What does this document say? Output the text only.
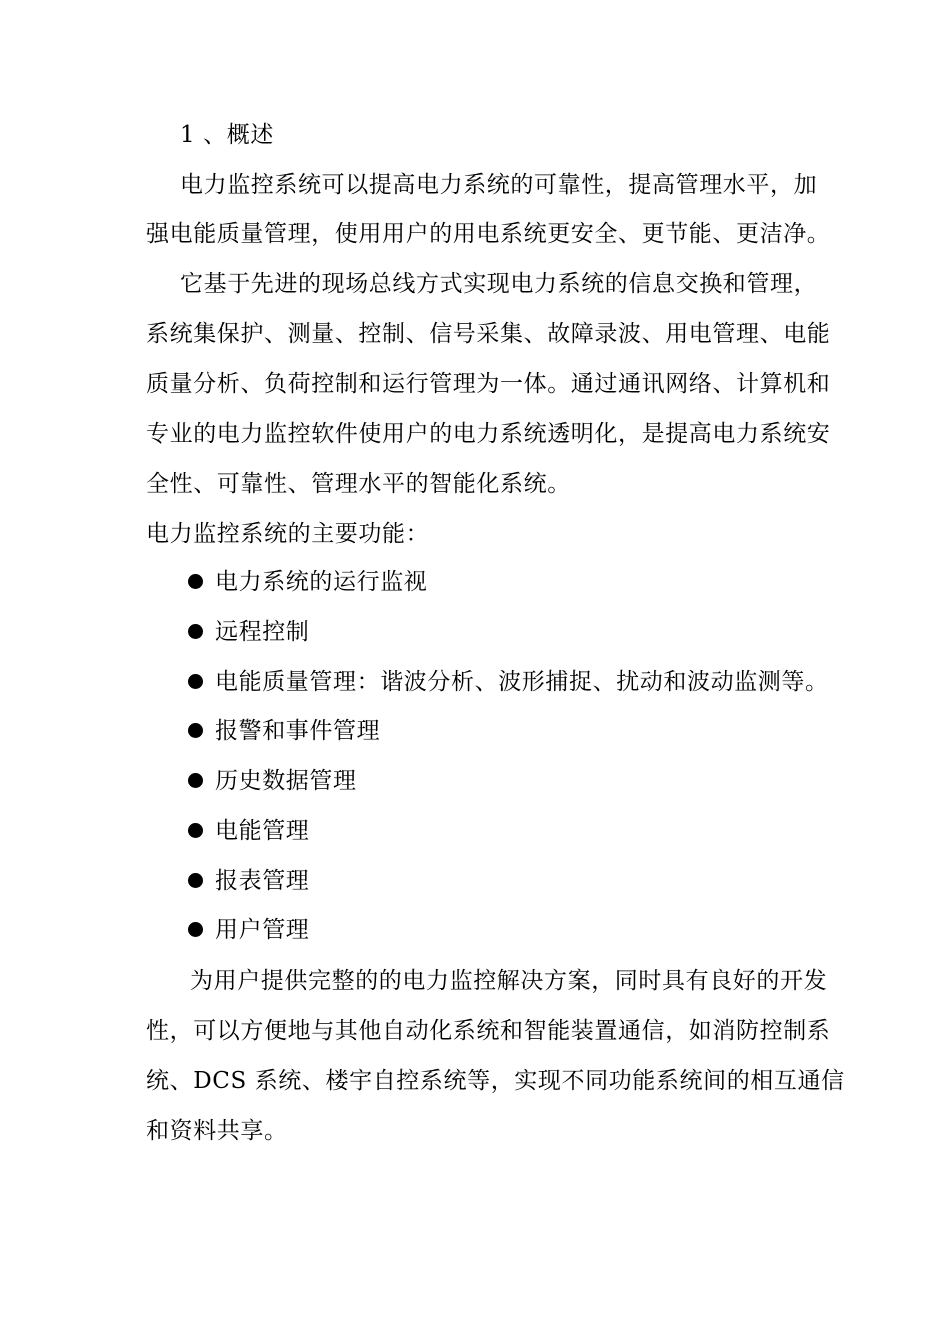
1 、概述
电力监控系统可以提高电力系统的可靠性，提高管理水平，加
强电能质量管理，使用用户的用电系统更安全、更节能、更洁净。
它基于先进的现场总线方式实现电力系统的信息交换和管理，
系统集保护、测量、控制、信号采集、故障录波、用电管理、电能
质量分析、负荷控制和运行管理为一体。通过通讯网络、计算机和
专业的电力监控软件使用户的电力系统透明化，是提高电力系统安
全性、可靠性、管理水平的智能化系统。
电力监控系统的主要功能：
电力系统的运行监视
远程控制
电能质量管理：谐波分析、波形捕捉、扰动和波动监测等。
报警和事件管理
历史数据管理
电能管理
报表管理
用户管理
为用户提供完整的的电力监控解决方案，同时具有良好的开发
性，可以方便地与其他自动化系统和智能装置通信，如消防控制系
统、DCS 系统、楼宇自控系统等，实现不同功能系统间的相互通信
和资料共享。
